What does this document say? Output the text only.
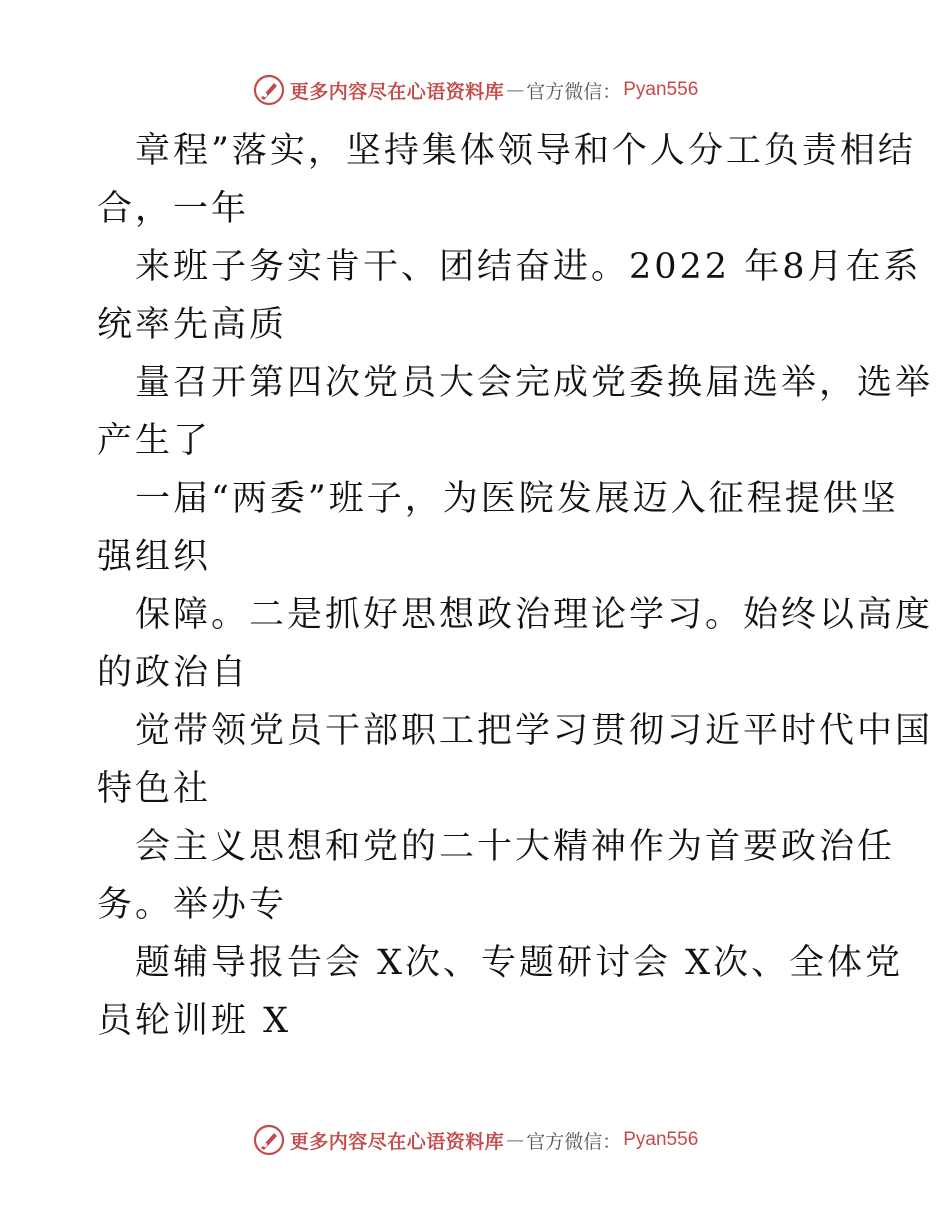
更多内容尽在心语资料库 — 官方微信： Pyan556
章程”落实，坚持集体领导和个人分工负责相结
合，一年
来班子务实肯干、团结奋进。2022 年8月在系
统率先高质
量召开第四次党员大会完成党委换届选举，选举
产生了
一届“两委”班子，为医院发展迈入征程提供坚
强组织
保障。二是抓好思想政治理论学习。始终以高度
的政治自
觉带领党员干部职工把学习贯彻习近平时代中国
特色社
会主义思想和党的二十大精神作为首要政治任
务。举办专
题辅导报告会 X次、专题研讨会 X次、全体党
员轮训班 X
更多内容尽在心语资料库 — 官方微信： Pyan556
